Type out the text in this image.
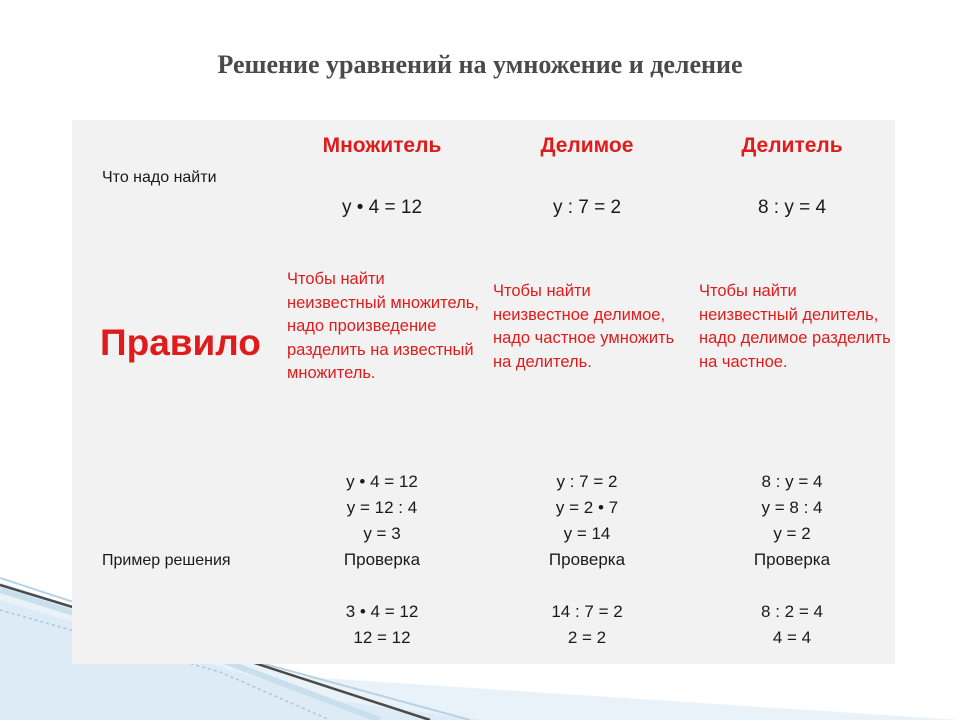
Решение уравнений на умножение и деление
Что надо найти
Правило
Пример решения
Множитель
y • 4 = 12
Чтобы найти неизвестный множитель, надо произведение разделить на известный множитель.
y • 4 = 12
y = 12 : 4
y = 3
Проверка
3 • 4 = 12
12 = 12
Делимое
y : 7 = 2
Чтобы найти неизвестное делимое, надо частное умножить на делитель.
y : 7 = 2
y = 2 • 7
y = 14
Проверка
14 : 7 = 2
2 = 2
Делитель
8 : y = 4
Чтобы найти неизвестный делитель, надо делимое разделить на частное.
8 : y = 4
y = 8 : 4
y = 2
Проверка
8 : 2 = 4
4 = 4
